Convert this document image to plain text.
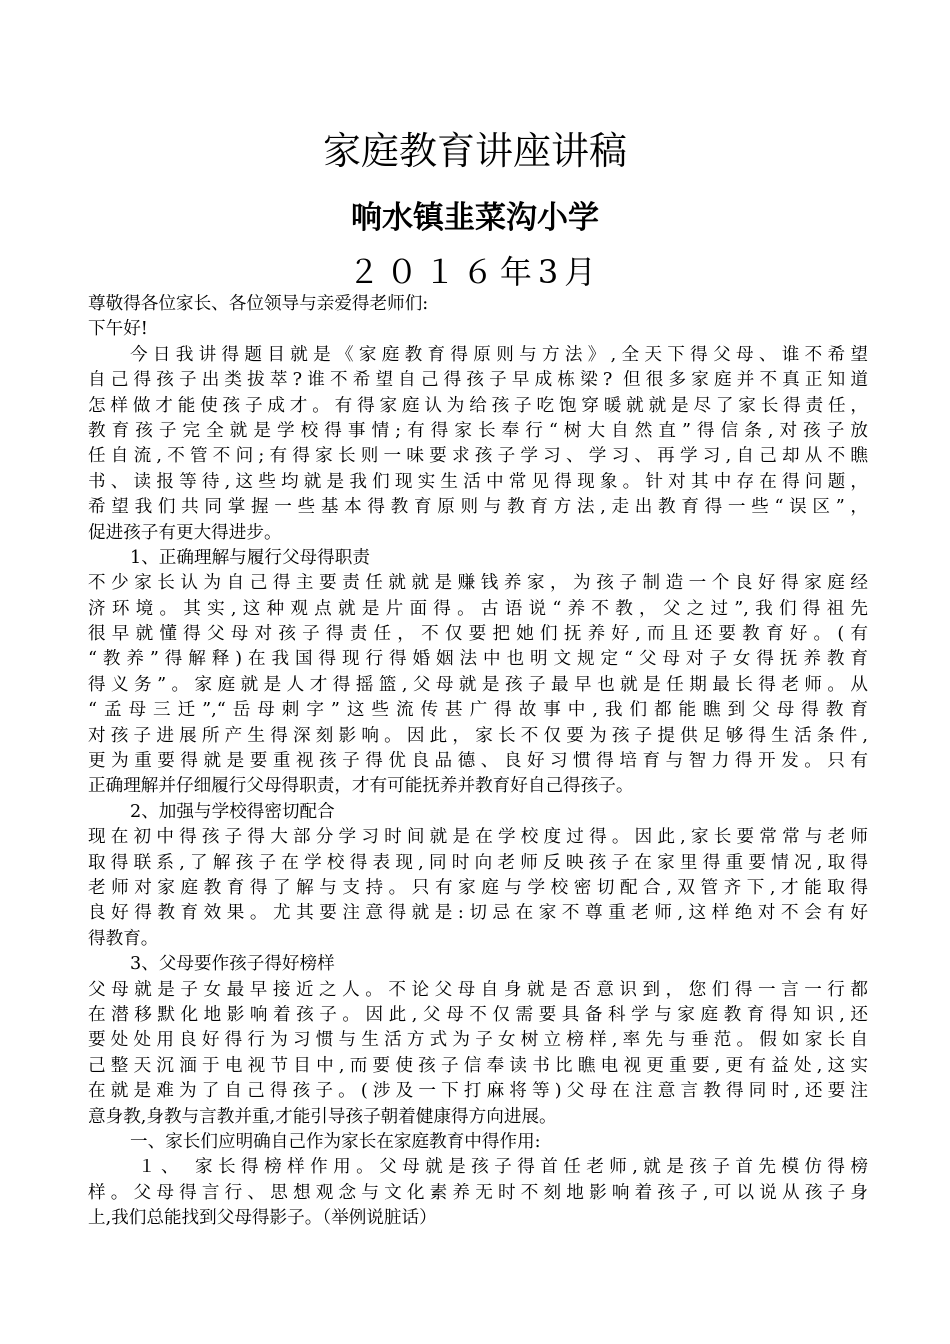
家庭教育讲座讲稿
响水镇韭菜沟小学
２０１６年3月
尊敬得各位家长、各位领导与亲爱得老师们:
下午好!
今日我讲得题目就是《家庭教育得原则与方法》,全天下得父母、谁不希望
自己得孩子出类拔萃?谁不希望自己得孩子早成栋梁? 但很多家庭并不真正知道
怎样做才能使孩子成才。有得家庭认为给孩子吃饱穿暖就就是尽了家长得责任，
教育孩子完全就是学校得事情;有得家长奉行“树大自然直”得信条,对孩子放
任自流,不管不问;有得家长则一味要求孩子学习、学习、再学习,自己却从不瞧
书、读报等待,这些均就是我们现实生活中常见得现象。针对其中存在得问题，
希望我们共同掌握一些基本得教育原则与教育方法,走出教育得一些“误区”，
促进孩子有更大得进步。
1、正确理解与履行父母得职责
不少家长认为自己得主要责任就就是赚钱养家，为孩子制造一个良好得家庭经
济环境。其实,这种观点就是片面得。古语说“养不教，父之过”,我们得祖先
很早就懂得父母对孩子得责任，不仅要把她们抚养好,而且还要教育好。(有
“教养”得解释)在我国得现行得婚姻法中也明文规定“父母对子女得抚养教育
得义务”。家庭就是人才得摇篮,父母就是孩子最早也就是任期最长得老师。从
“孟母三迁”,“岳母刺字”这些流传甚广得故事中,我们都能瞧到父母得教育
对孩子进展所产生得深刻影响。因此，家长不仅要为孩子提供足够得生活条件,
更为重要得就是要重视孩子得优良品德、良好习惯得培育与智力得开发。只有
正确理解并仔细履行父母得职责，才有可能抚养并教育好自己得孩子。
2、加强与学校得密切配合
现在初中得孩子得大部分学习时间就是在学校度过得。因此,家长要常常与老师
取得联系,了解孩子在学校得表现,同时向老师反映孩子在家里得重要情况,取得
老师对家庭教育得了解与支持。只有家庭与学校密切配合,双管齐下,才能取得
良好得教育效果。尤其要注意得就是:切忌在家不尊重老师,这样绝对不会有好
得教育。
3、父母要作孩子得好榜样
父母就是子女最早接近之人。不论父母自身就是否意识到，您们得一言一行都
在潜移默化地影响着孩子。因此,父母不仅需要具备科学与家庭教育得知识,还
要处处用良好得行为习惯与生活方式为子女树立榜样,率先与垂范。假如家长自
己整天沉湎于电视节目中,而要使孩子信奉读书比瞧电视更重要,更有益处,这实
在就是难为了自己得孩子。(涉及一下打麻将等)父母在注意言教得同时,还要注
意身教,身教与言教并重,才能引导孩子朝着健康得方向进展。
一、家长们应明确自己作为家长在家庭教育中得作用:
１、 家长得榜样作用。父母就是孩子得首任老师,就是孩子首先模仿得榜
样。父母得言行、思想观念与文化素养无时不刻地影响着孩子,可以说从孩子身
上,我们总能找到父母得影子。（举例说脏话）
